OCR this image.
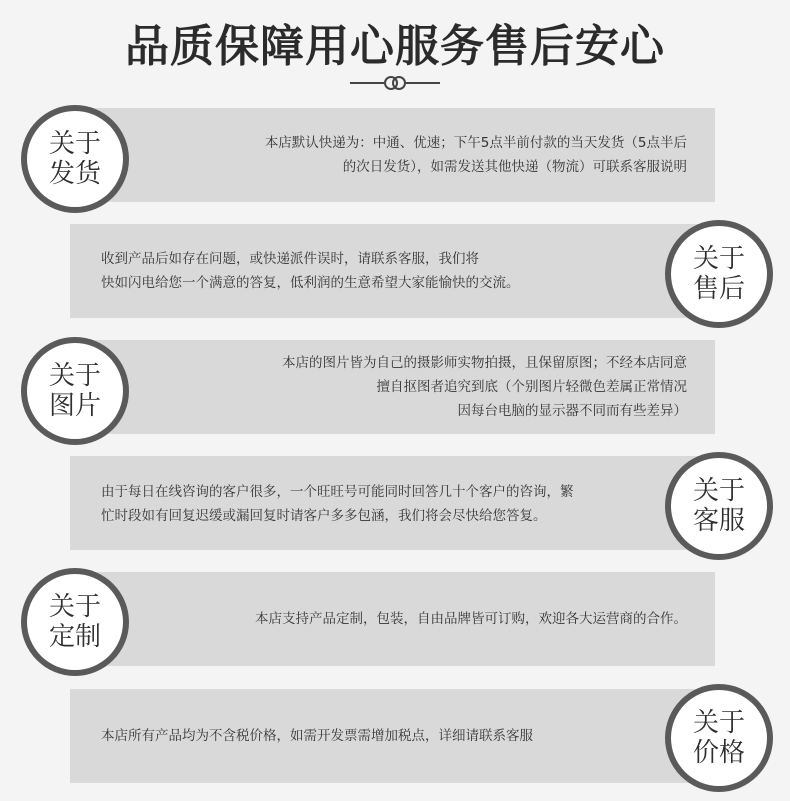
品质保障用心服务售后安心
本店默认快递为：中通、优速；下午5点半前付款的当天发货（5点半后
的次日发货），如需发送其他快递（物流）可联系客服说明
关于
发货
收到产品后如存在问题，或快递派件误时，请联系客服，我们将
快如闪电给您一个满意的答复，低利润的生意希望大家能愉快的交流。
关于
售后
本店的图片皆为自己的摄影师实物拍摄，且保留原图；不经本店同意
擅自抠图者追究到底（个别图片轻微色差属正常情况
因每台电脑的显示器不同而有些差异）
关于
图片
由于每日在线咨询的客户很多，一个旺旺号可能同时回答几十个客户的咨询，繁
忙时段如有回复迟缓或漏回复时请客户多多包涵，我们将会尽快给您答复。
关于
客服
本店支持产品定制，包装，自由品牌皆可订购，欢迎各大运营商的合作。
关于
定制
本店所有产品均为不含税价格，如需开发票需增加税点，详细请联系客服	关于
价格
